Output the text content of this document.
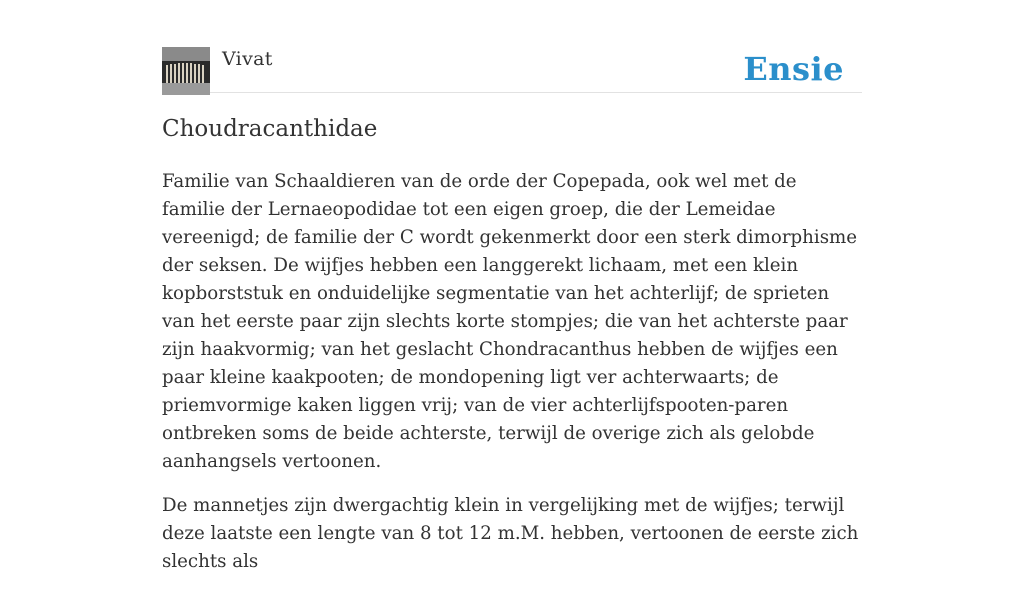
Vivat	Ensie
Choudracanthidae

Familie van Schaaldieren van de orde der Copepada, ook wel met de familie der Lernaeopodidae tot een eigen groep, die der Lemeidae vereenigd; de familie der C wordt gekenmerkt door een sterk dimorphisme der seksen. De wijfjes hebben een langgerekt lichaam, met een klein kopborststuk en onduidelijke segmentatie van het achterlijf; de sprieten van het eerste paar zijn slechts korte stompjes; die van het achterste paar zijn haakvormig; van het geslacht Chondracanthus hebben de wijfjes een paar kleine kaakpooten; de mondopening ligt ver achterwaarts; de priemvormige kaken liggen vrij; van de vier achterlijfspooten-paren ontbreken soms de beide achterste, terwijl de overige zich als gelobde aanhangsels vertoonen.

De mannetjes zijn dwergachtig klein in vergelijking met de wijfjes; terwijl deze laatste een lengte van 8 tot 12 m.M. hebben, vertoonen de eerste zich slechts als
